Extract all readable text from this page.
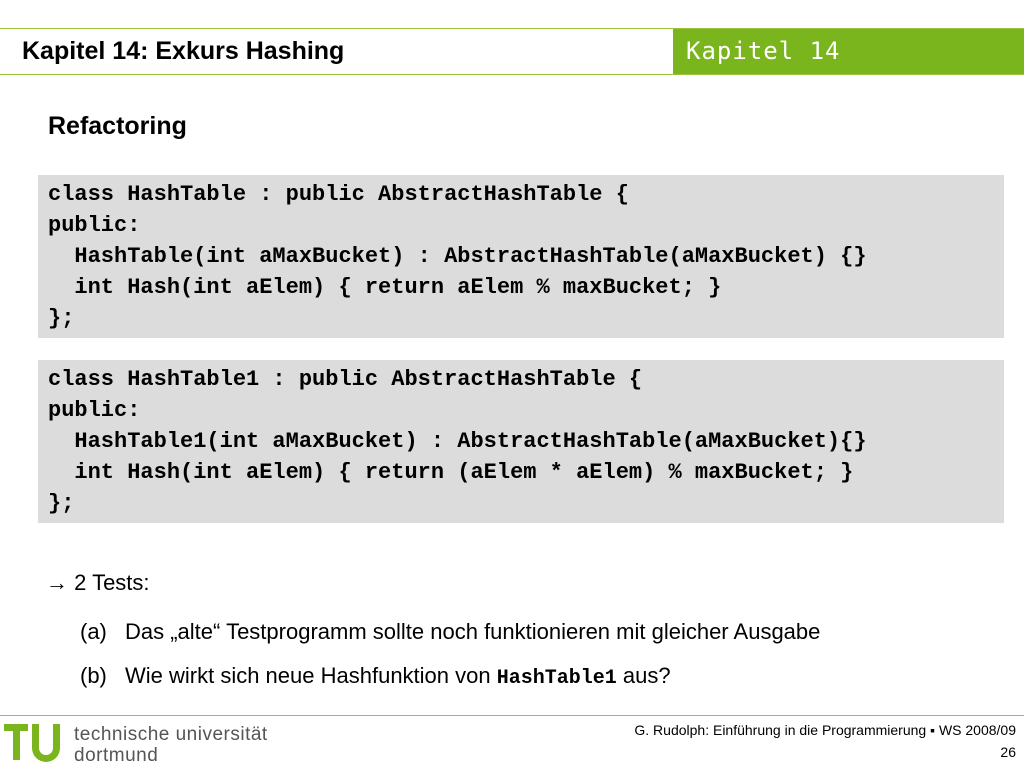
Kapitel 14: Exkurs Hashing	Kapitel 14
Refactoring
class HashTable : public AbstractHashTable {
public:
HashTable(int aMaxBucket) : AbstractHashTable(aMaxBucket) {}
int Hash(int aElem) { return aElem % maxBucket; }
};
class HashTable1 : public AbstractHashTable {
public:
HashTable1(int aMaxBucket) : AbstractHashTable(aMaxBucket){}
int Hash(int aElem) { return (aElem * aElem) % maxBucket; }
};
→ 2 Tests:
(a) Das „alte“ Testprogramm sollte noch funktionieren mit gleicher Ausgabe
(b) Wie wirkt sich neue Hashfunktion von HashTable1 aus?
technische universität
dortmund
G. Rudolph: Einführung in die Programmierung ▪ WS 2008/09
26
